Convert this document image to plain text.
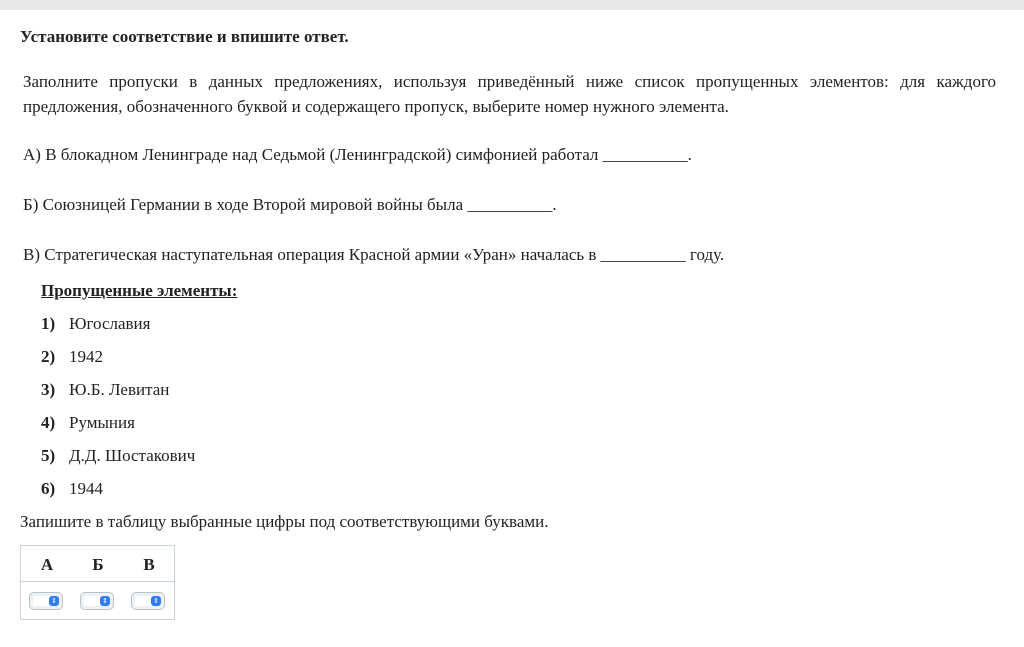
Установите соответствие и впишите ответ.

Заполните пропуски в данных предложениях, используя приведённый ниже список пропущенных элементов: для каждого предложения, обозначенного буквой и содержащего пропуск, выберите номер нужного элемента.

А) В блокадном Ленинграде над Седьмой (Ленинградской) симфонией работал __________.

Б) Союзницей Германии в ходе Второй мировой войны была __________.

В) Стратегическая наступательная операция Красной армии «Уран» началась в __________ году.

Пропущенные элементы:

1) Югославия
2) 1942
3) Ю.Б. Левитан
4) Румыния
5) Д.Д. Шостакович
6) 1944

Запишите в таблицу выбранные цифры под соответствующими буквами.

А	Б	В
⇕	⇕	⇕
